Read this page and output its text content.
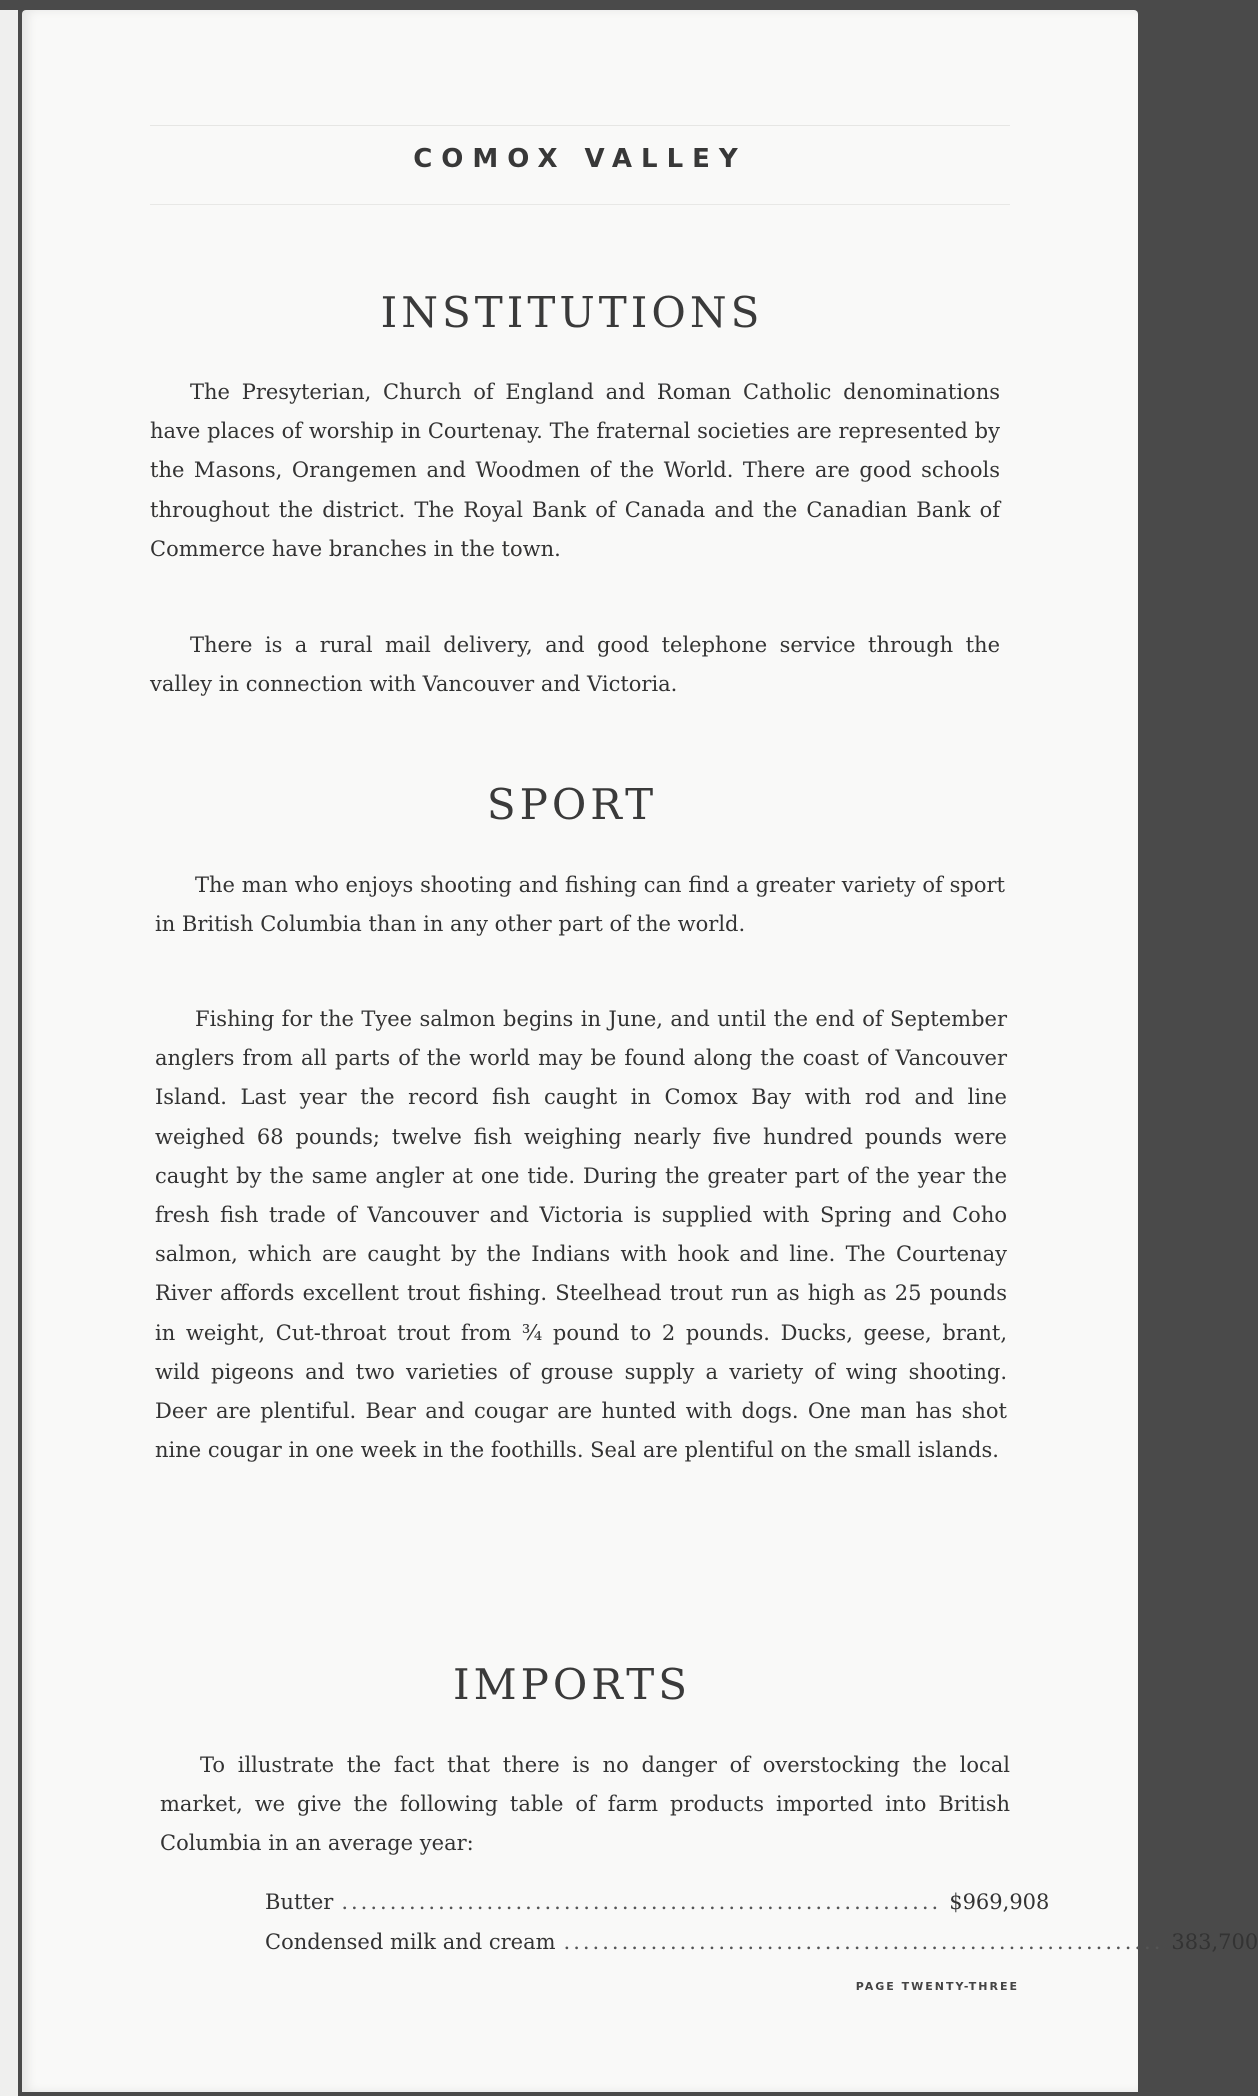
COMOX VALLEY
INSTITUTIONS

The Presyterian, Church of England and Roman Catholic denominations have places of worship in Courtenay. The fraternal societies are represented by the Masons, Orangemen and Woodmen of the World. There are good schools throughout the district. The Royal Bank of Canada and the Canadian Bank of Commerce have branches in the town.

There is a rural mail delivery, and good telephone service through the valley in connection with Vancouver and Victoria.

SPORT

The man who enjoys shooting and fishing can find a greater variety of sport in British Columbia than in any other part of the world.

Fishing for the Tyee salmon begins in June, and until the end of September anglers from all parts of the world may be found along the coast of Vancouver Island. Last year the record fish caught in Comox Bay with rod and line weighed 68 pounds; twelve fish weighing nearly five hundred pounds were caught by the same angler at one tide. During the greater part of the year the fresh fish trade of Vancouver and Victoria is supplied with Spring and Coho salmon, which are caught by the Indians with hook and line. The Courtenay River affords excellent trout fishing. Steelhead trout run as high as 25 pounds in weight, Cut-throat trout from ¾ pound to 2 pounds. Ducks, geese, brant, wild pigeons and two varieties of grouse supply a variety of wing shooting. Deer are plentiful. Bear and cougar are hunted with dogs. One man has shot nine cougar in one week in the foothills. Seal are plentiful on the small islands.

IMPORTS

To illustrate the fact that there is no danger of overstocking the local market, we give the following table of farm products imported into British Columbia in an average year:

Butter .............................................................. $ 969,908
Condensed milk and cream .............................................................. 383,700
PAGE TWENTY-THREE
